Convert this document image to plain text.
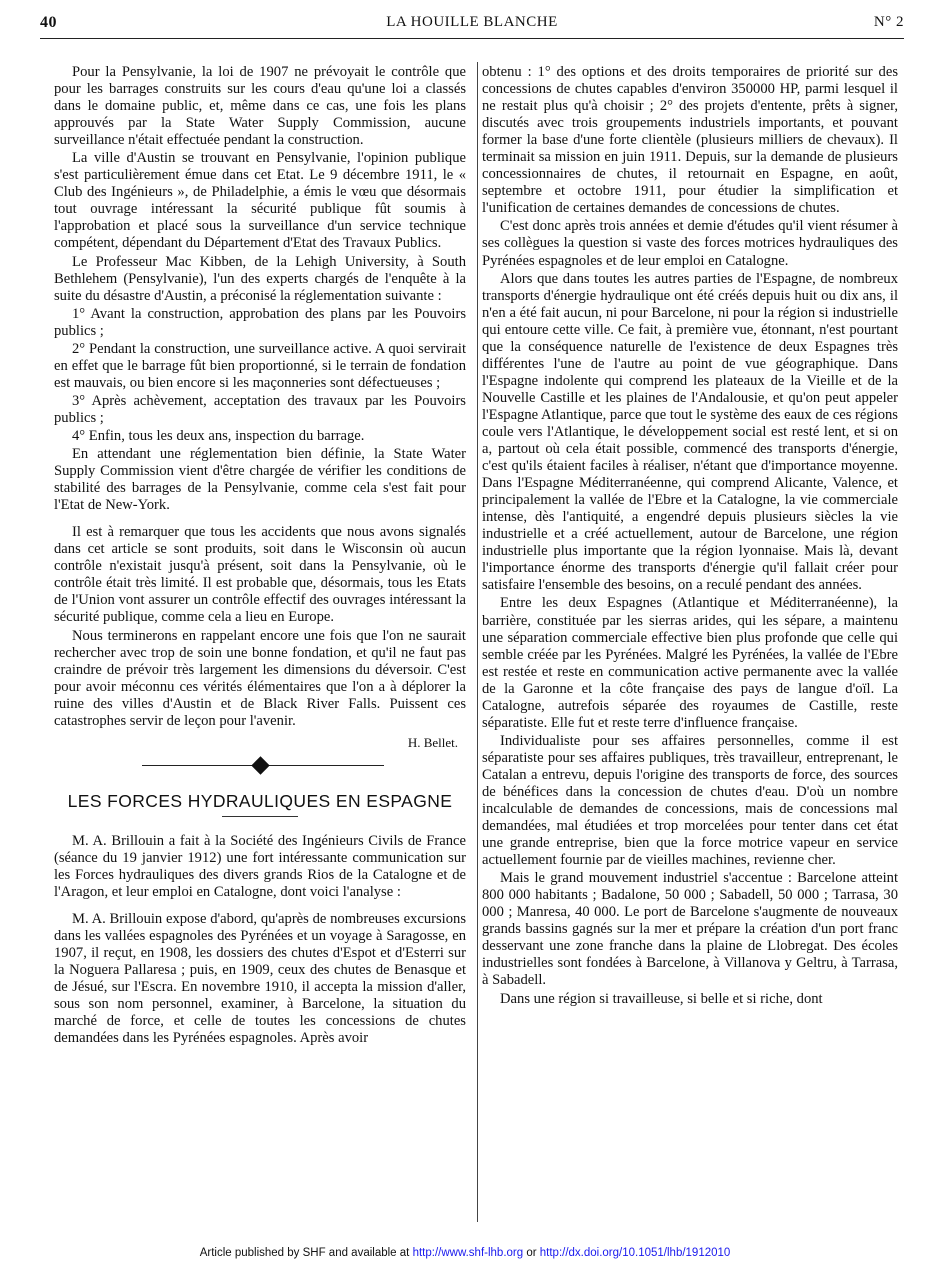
40	LA HOUILLE BLANCHE	N° 2

Pour la Pensylvanie, la loi de 1907 ne prévoyait le contrôle que pour les barrages construits sur les cours d'eau qu'une loi a classés dans le domaine public, et, même dans ce cas, une fois les plans approuvés par la State Water Supply Commission, aucune surveillance n'était effectuée pendant la construction.

La ville d'Austin se trouvant en Pensylvanie, l'opinion publique s'est particulièrement émue dans cet Etat. Le 9 décembre 1911, le « Club des Ingénieurs », de Philadelphie, a émis le vœu que désormais tout ouvrage intéressant la sécurité publique fût soumis à l'approbation et placé sous la surveillance d'un service technique compétent, dépendant du Département d'Etat des Travaux Publics.

Le Professeur Mac Kibben, de la Lehigh University, à South Bethlehem (Pensylvanie), l'un des experts chargés de l'enquête à la suite du désastre d'Austin, a préconisé la réglementation suivante :

1° Avant la construction, approbation des plans par les Pouvoirs publics ;

2° Pendant la construction, une surveillance active. A quoi servirait en effet que le barrage fût bien proportionné, si le terrain de fondation est mauvais, ou bien encore si les maçonneries sont défectueuses ;

3° Après achèvement, acceptation des travaux par les Pouvoirs publics ;

4° Enfin, tous les deux ans, inspection du barrage.

En attendant une réglementation bien définie, la State Water Supply Commission vient d'être chargée de vérifier les conditions de stabilité des barrages de la Pensylvanie, comme cela s'est fait pour l'Etat de New-York.

Il est à remarquer que tous les accidents que nous avons signalés dans cet article se sont produits, soit dans le Wisconsin où aucun contrôle n'existait jusqu'à présent, soit dans la Pensylvanie, où le contrôle était très limité. Il est probable que, désormais, tous les Etats de l'Union vont assurer un contrôle effectif des ouvrages intéressant la sécurité publique, comme cela a lieu en Europe.

Nous terminerons en rappelant encore une fois que l'on ne saurait rechercher avec trop de soin une bonne fondation, et qu'il ne faut pas craindre de prévoir très largement les dimensions du déversoir. C'est pour avoir méconnu ces vérités élémentaires que l'on a à déplorer la ruine des villes d'Austin et de Black River Falls. Puissent ces catastrophes servir de leçon pour l'avenir.

H. Bellet.

LES FORCES HYDRAULIQUES EN ESPAGNE

M. A. Brillouin a fait à la Société des Ingénieurs Civils de France (séance du 19 janvier 1912) une fort intéressante communication sur les Forces hydrauliques des divers grands Rios de la Catalogne et de l'Aragon, et leur emploi en Catalogne, dont voici l'analyse :

M. A. Brillouin expose d'abord, qu'après de nombreuses excursions dans les vallées espagnoles des Pyrénées et un voyage à Saragosse, en 1907, il reçut, en 1908, les dossiers des chutes d'Espot et d'Esterri sur la Noguera Pallaresa ; puis, en 1909, ceux des chutes de Benasque et de Jésué, sur l'Escra. En novembre 1910, il accepta la mission d'aller, sous son nom personnel, examiner, à Barcelone, la situation du marché de force, et celle de toutes les concessions de chutes demandées dans les Pyrénées espagnoles. Après avoir

obtenu : 1° des options et des droits temporaires de priorité sur des concessions de chutes capables d'environ 350000 HP, parmi lesquel il ne restait plus qu'à choisir ; 2° des projets d'entente, prêts à signer, discutés avec trois groupements industriels importants, et pouvant former la base d'une forte clientèle (plusieurs milliers de chevaux). Il terminait sa mission en juin 1911. Depuis, sur la demande de plusieurs concessionnaires de chutes, il retournait en Espagne, en août, septembre et octobre 1911, pour étudier la simplification et l'unification de certaines demandes de concessions de chutes.

C'est donc après trois années et demie d'études qu'il vient résumer à ses collègues la question si vaste des forces motrices hydrauliques des Pyrénées espagnoles et de leur emploi en Catalogne.

Alors que dans toutes les autres parties de l'Espagne, de nombreux transports d'énergie hydraulique ont été créés depuis huit ou dix ans, il n'en a été fait aucun, ni pour Barcelone, ni pour la région si industrielle qui entoure cette ville. Ce fait, à première vue, étonnant, n'est pourtant que la conséquence naturelle de l'existence de deux Espagnes très différentes l'une de l'autre au point de vue géographique. Dans l'Espagne indolente qui comprend les plateaux de la Vieille et de la Nouvelle Castille et les plaines de l'Andalousie, et qu'on peut appeler l'Espagne Atlantique, parce que tout le système des eaux de ces régions coule vers l'Atlantique, le développement social est resté lent, et si on a, partout où cela était possible, commencé des transports d'énergie, c'est qu'ils étaient faciles à réaliser, n'étant que d'importance moyenne. Dans l'Espagne Méditerranéenne, qui comprend Alicante, Valence, et principalement la vallée de l'Ebre et la Catalogne, la vie commerciale intense, dès l'antiquité, a engendré depuis plusieurs siècles la vie industrielle et a créé actuellement, autour de Barcelone, une région industrielle plus importante que la région lyonnaise. Mais là, devant l'importance énorme des transports d'énergie qu'il fallait créer pour satisfaire l'ensemble des besoins, on a reculé pendant des années.

Entre les deux Espagnes (Atlantique et Méditerranéenne), la barrière, constituée par les sierras arides, qui les sépare, a maintenu une séparation commerciale effective bien plus profonde que celle qui semble créée par les Pyrénées. Malgré les Pyrénées, la vallée de l'Ebre est restée et reste en communication active permanente avec la vallée de la Garonne et la côte française des pays de langue d'oïl. La Catalogne, autrefois séparée des royaumes de Castille, reste séparatiste. Elle fut et reste terre d'influence française.

Individualiste pour ses affaires personnelles, comme il est séparatiste pour ses affaires publiques, très travailleur, entreprenant, le Catalan a entrevu, depuis l'origine des transports de force, des sources de bénéfices dans la concession de chutes d'eau. D'où un nombre incalculable de demandes de concessions, mais de concessions mal demandées, mal étudiées et trop morcelées pour tenter dans cet état une grande entreprise, bien que la force motrice vapeur en service actuellement fournie par de vieilles machines, revienne cher.

Mais le grand mouvement industriel s'accentue : Barcelone atteint 800 000 habitants ; Badalone, 50 000 ; Sabadell, 50 000 ; Tarrasa, 30 000 ; Manresa, 40 000. Le port de Barcelone s'augmente de nouveaux grands bassins gagnés sur la mer et prépare la création d'un port franc desservant une zone franche dans la plaine de Llobregat. Des écoles industrielles sont fondées à Barcelone, à Villanova y Geltru, à Tarrasa, à Sabadell.

Dans une région si travailleuse, si belle et si riche, dont

Article published by SHF and available at http://www.shf-lhb.org or http://dx.doi.org/10.1051/lhb/1912010
